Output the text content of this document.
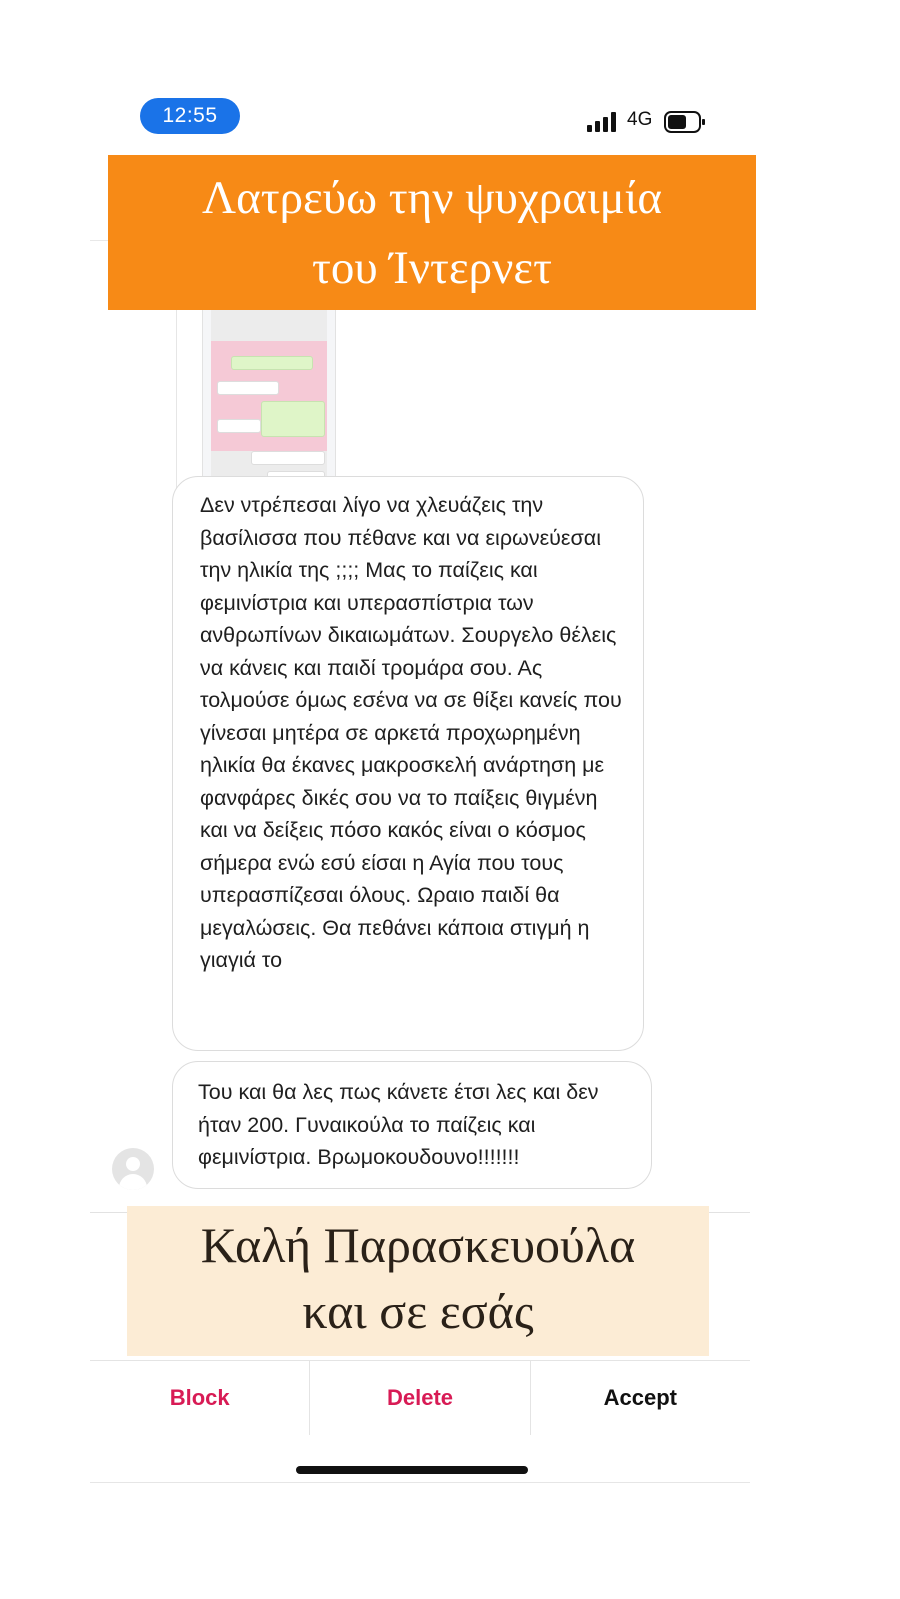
12:55	4G
Λατρεύω την ψυχραιμία
του Ίντερνετ
Δεν ντρέπεσαι λίγο να χλευάζεις την βασίλισσα που πέθανε και να ειρωνεύεσαι την ηλικία της ;;;; Μας το παίζεις και φεμινίστρια και υπερασπίστρια των ανθρωπίνων δικαιωμάτων. Σουργελο θέλεις να κάνεις και παιδί τρομάρα σου. Ας τολμούσε όμως εσένα να σε θίξει κανείς που γίνεσαι μητέρα σε αρκετά προχωρημένη ηλικία θα έκανες μακροσκελή ανάρτηση με φανφάρες δικές σου να το παίξεις θιγμένη και να δείξεις πόσο κακός είναι ο κόσμος σήμερα ενώ εσύ είσαι η Αγία που τους υπερασπίζεσαι όλους. Ωραιο παιδί θα μεγαλώσεις. Θα πεθάνει κάποια στιγμή η γιαγιά το
Του και θα λες πως κάνετε έτσι λες και δεν ήταν 200. Γυναικούλα το παίζεις και φεμινίστρια. Βρωμοκουδουνο!!!!!!!
Καλή Παρασκευούλα
και σε εσάς
Block	Delete	Accept
